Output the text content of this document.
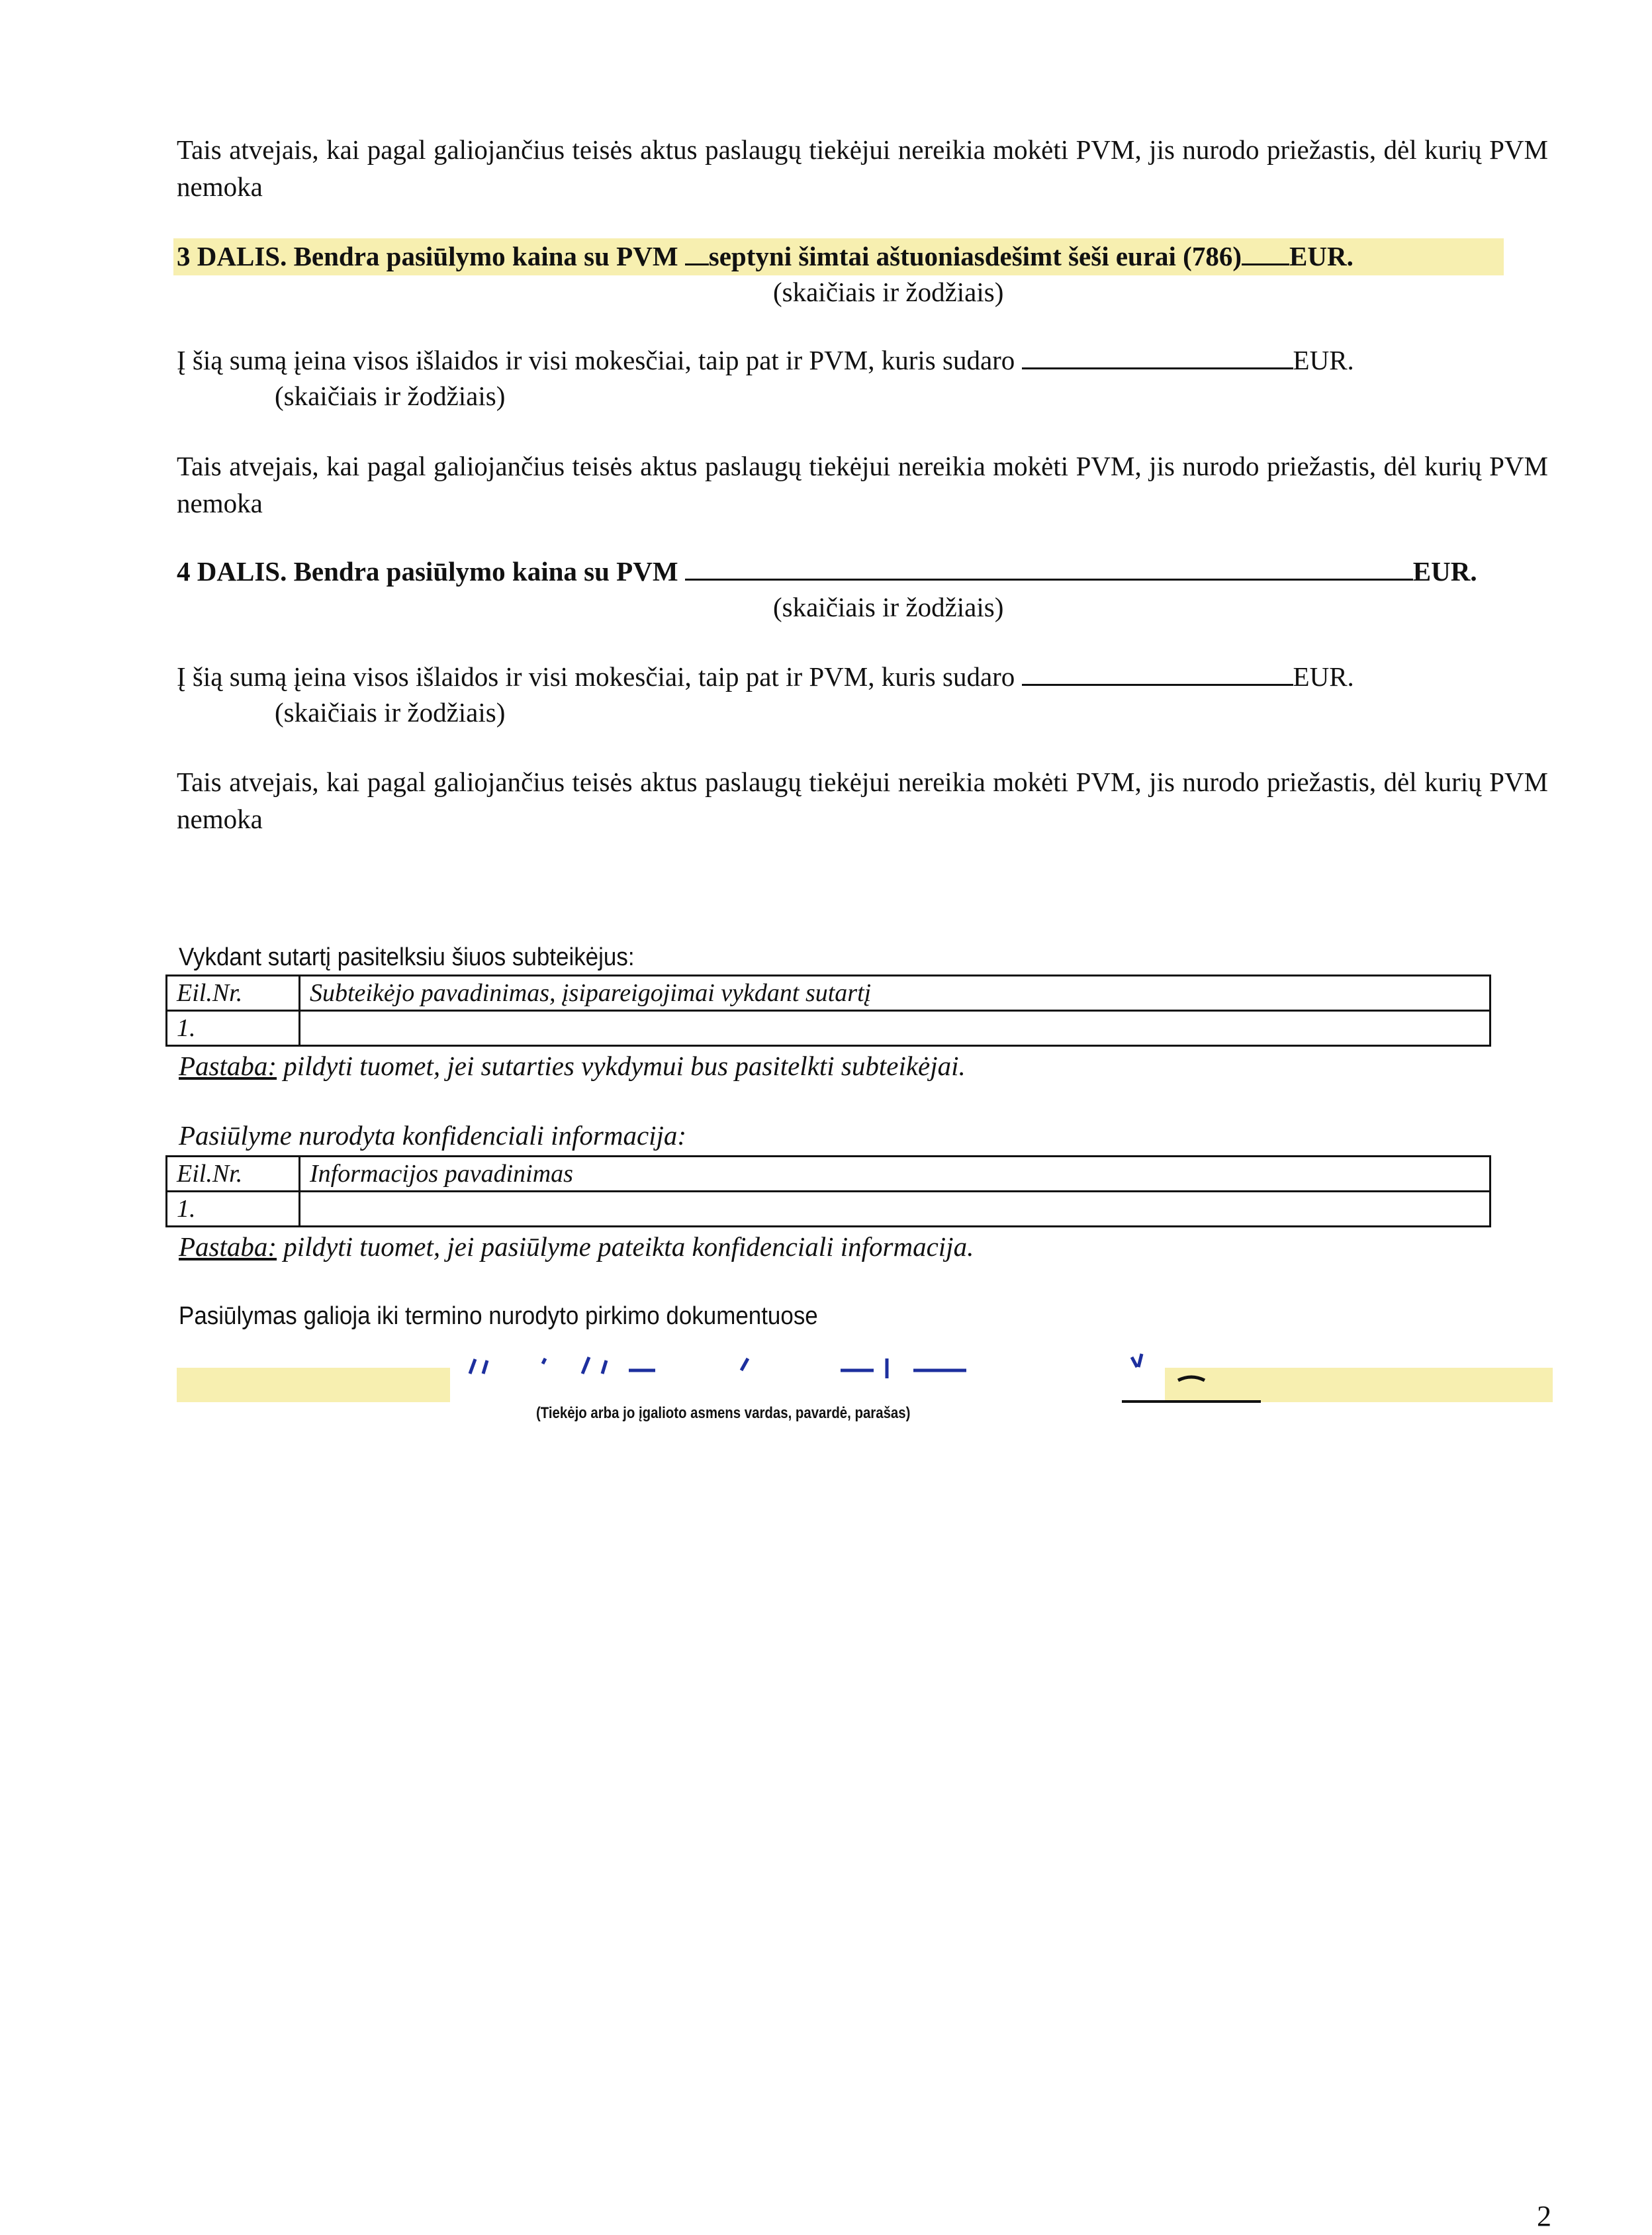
Tais atvejais, kai pagal galiojančius teisės aktus paslaugų tiekėjui nereikia mokėti PVM, jis nurodo priežastis, dėl kurių PVM nemoka
3 DALIS. Bendra pasiūlymo kaina su PVM septyni šimtai aštuoniasdešimt šeši eurai (786) EUR.
(skaičiais ir žodžiais)
Į šią sumą įeina visos išlaidos ir visi mokesčiai, taip pat ir PVM, kuris sudaro	EUR.
(skaičiais ir žodžiais)
Tais atvejais, kai pagal galiojančius teisės aktus paslaugų tiekėjui nereikia mokėti PVM, jis nurodo priežastis, dėl kurių PVM nemoka
4 DALIS. Bendra pasiūlymo kaina su PVM	EUR.
(skaičiais ir žodžiais)
Į šią sumą įeina visos išlaidos ir visi mokesčiai, taip pat ir PVM, kuris sudaro	EUR.
(skaičiais ir žodžiais)
Tais atvejais, kai pagal galiojančius teisės aktus paslaugų tiekėjui nereikia mokėti PVM, jis nurodo priežastis, dėl kurių PVM nemoka
Vykdant sutartį pasitelksiu šiuos subteikėjus:
Eil.Nr.	Subteikėjo pavadinimas, įsipareigojimai vykdant sutartį
1.	
Pastaba: pildyti tuomet, jei sutarties vykdymui bus pasitelkti subteikėjai.
Pasiūlyme nurodyta konfidenciali informacija:
Eil.Nr.	Informacijos pavadinimas
1.	
Pastaba: pildyti tuomet, jei pasiūlyme pateikta konfidenciali informacija.
Pasiūlymas galioja iki termino nurodyto pirkimo dokumentuose
(Tiekėjo arba jo įgalioto asmens vardas, pavardė, parašas)
2
